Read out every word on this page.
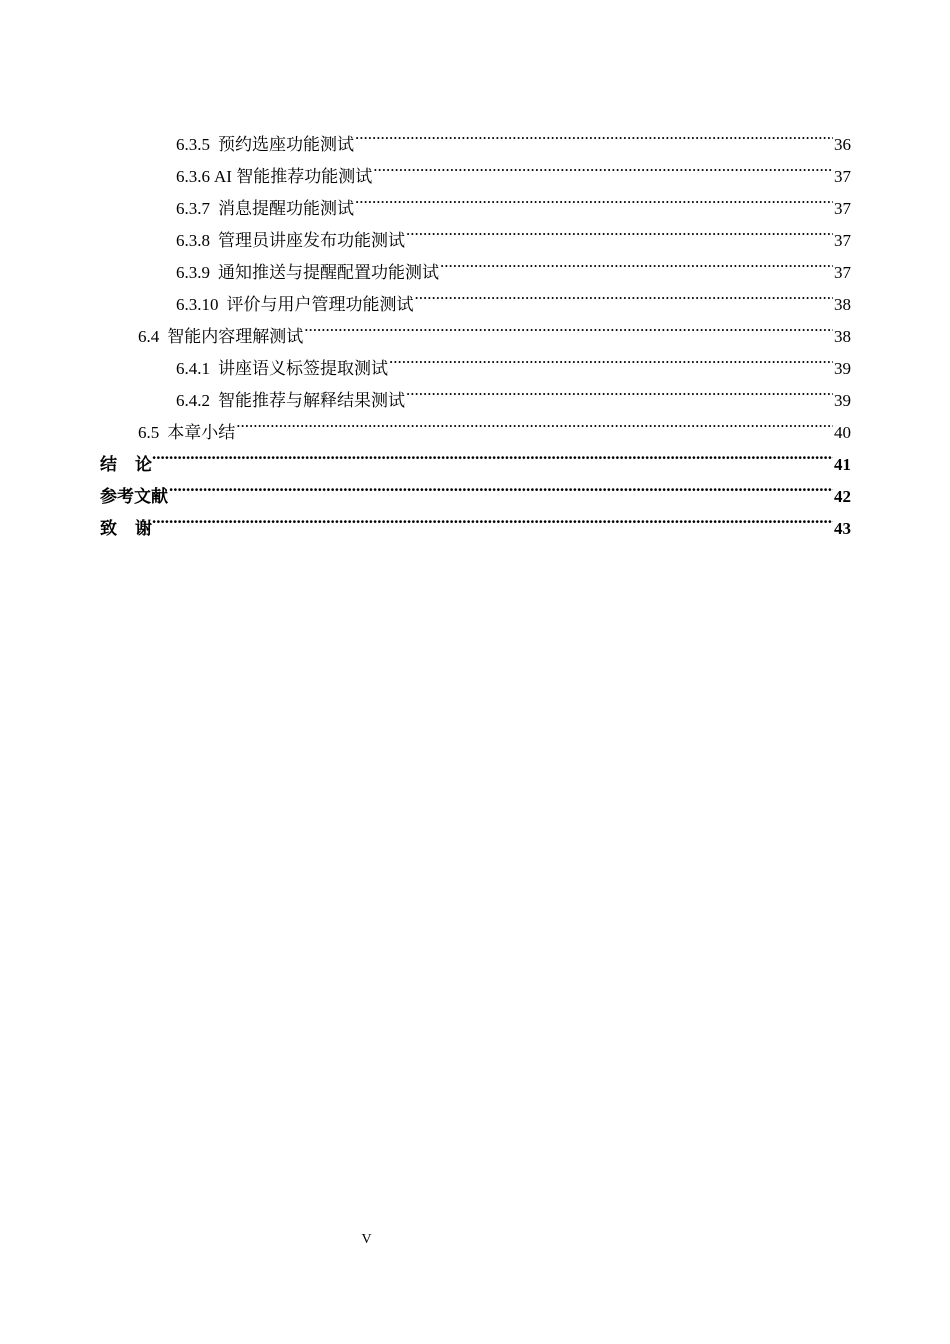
6.3.5 预约选座功能测试 .....	36
6.3.6 AI 智能推荐功能测试 .....	37
6.3.7 消息提醒功能测试 .....	37
6.3.8 管理员讲座发布功能测试 .....	37
6.3.9 通知推送与提醒配置功能测试 .....	37
6.3.10 评价与用户管理功能测试 .....	38
6.4 智能内容理解测试 .....	38
6.4.1 讲座语义标签提取测试 .....	39
6.4.2 智能推荐与解释结果测试 .....	39
6.5 本章小结 .....	40
结论 .....	41
参考文献 .....	42
致谢 .....	43
V
